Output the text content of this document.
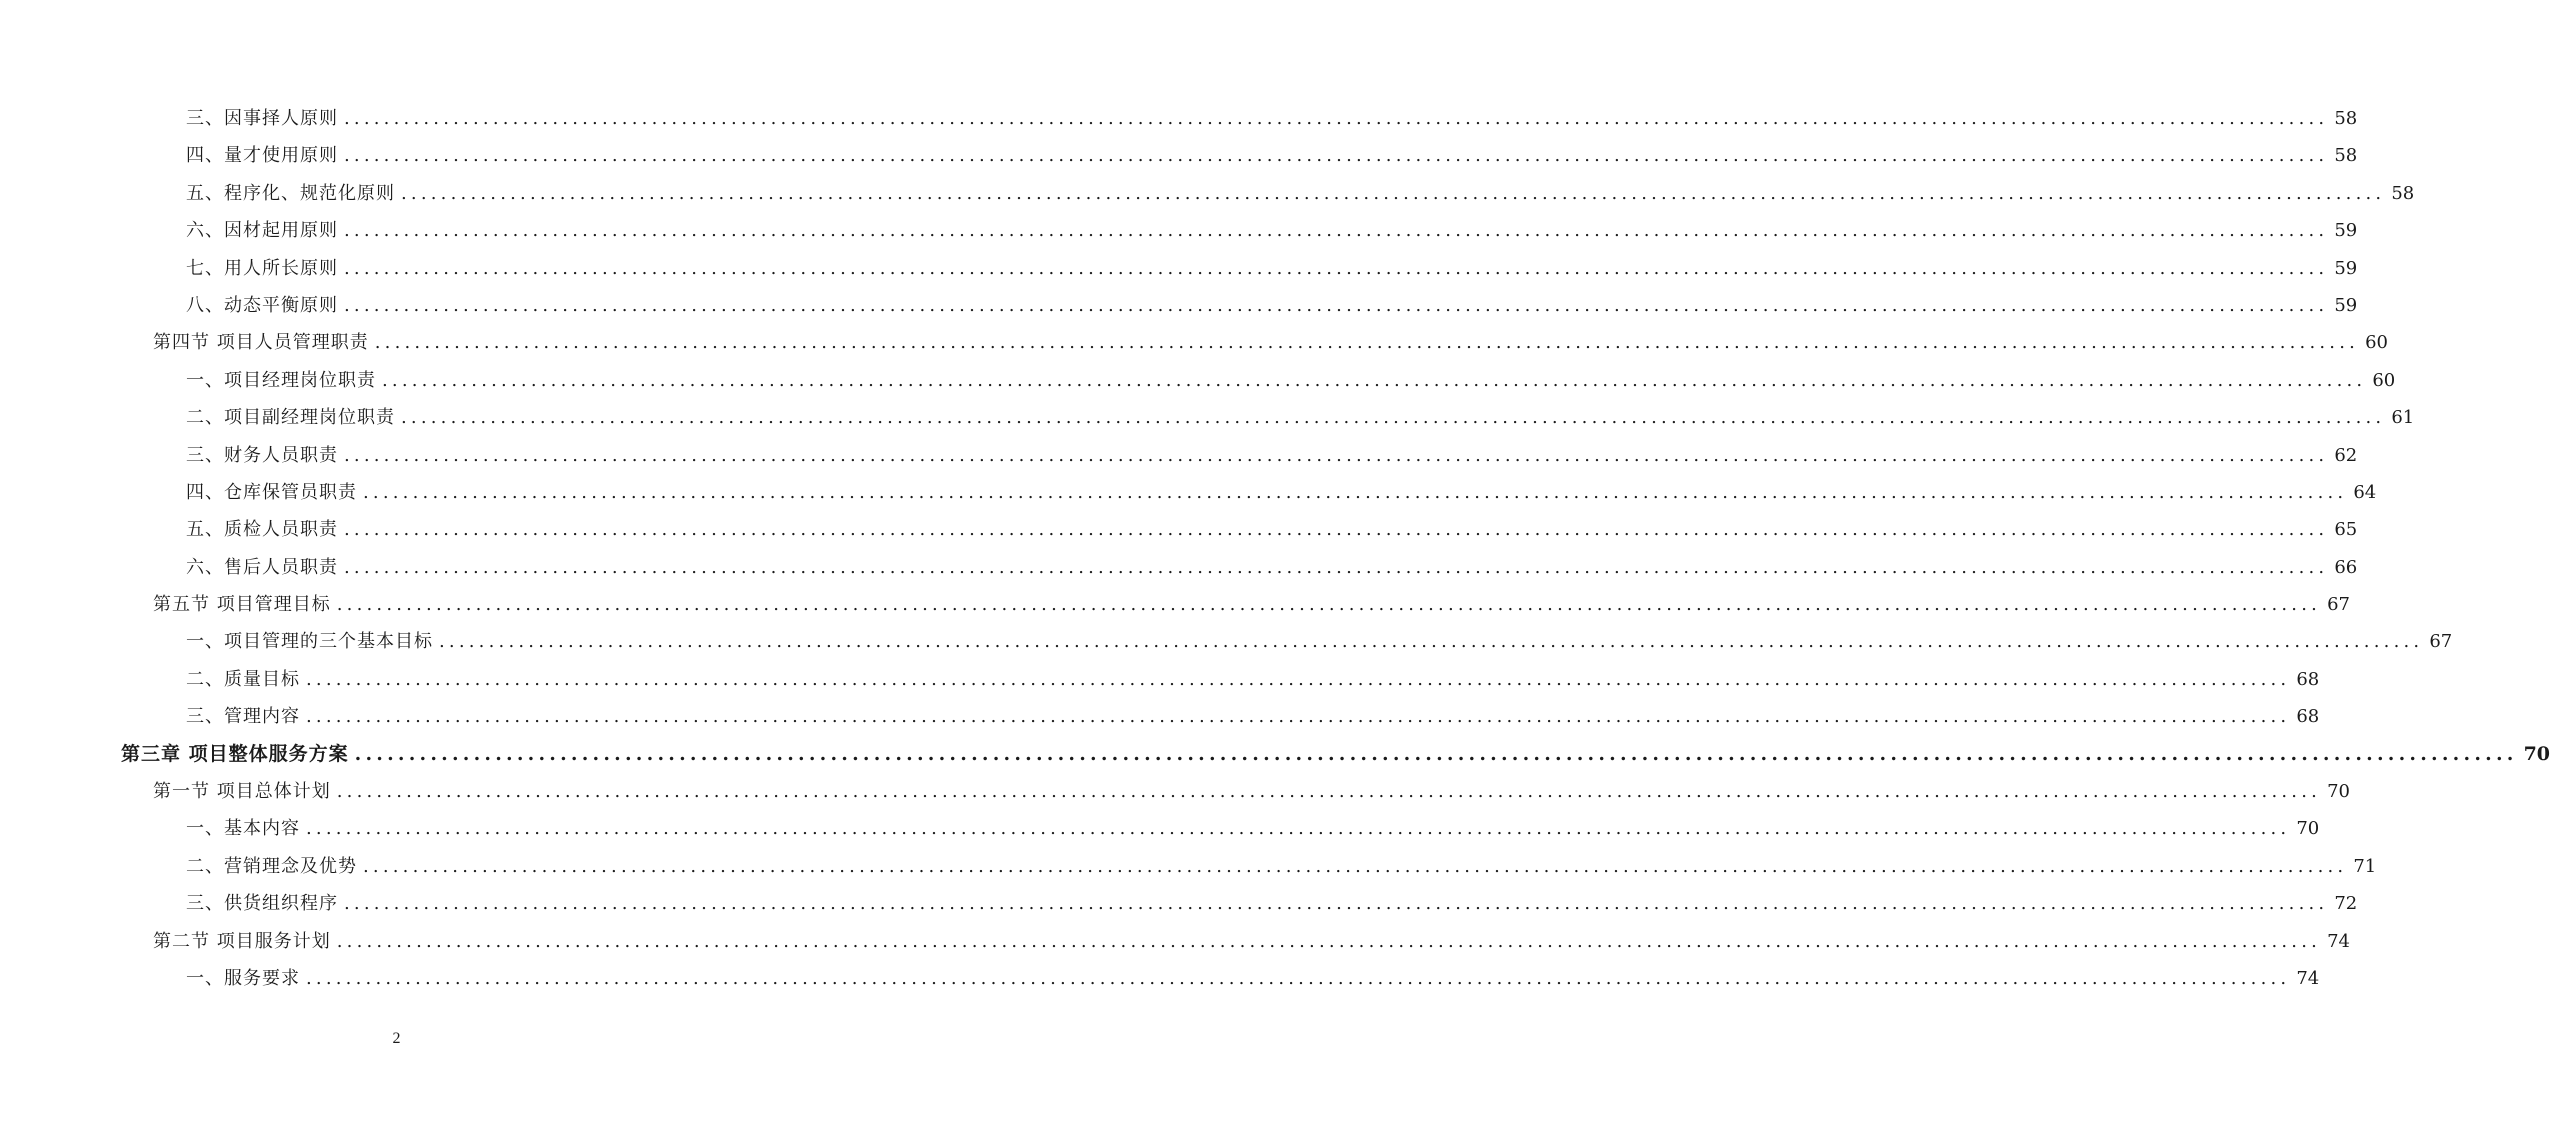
三、因事择人原则 ........................................................................................................................................................................................................ 58
四、量才使用原则 ........................................................................................................................................................................................................ 58
五、程序化、规范化原则 ........................................................................................................................................................................................................ 58
六、因材起用原则 ........................................................................................................................................................................................................ 59
七、用人所长原则 ........................................................................................................................................................................................................ 59
八、动态平衡原则 ........................................................................................................................................................................................................ 59
第四节 项目人员管理职责 ........................................................................................................................................................................................................ 60
一、项目经理岗位职责 ........................................................................................................................................................................................................ 60
二、项目副经理岗位职责 ........................................................................................................................................................................................................ 61
三、财务人员职责 ........................................................................................................................................................................................................ 62
四、仓库保管员职责 ........................................................................................................................................................................................................ 64
五、质检人员职责 ........................................................................................................................................................................................................ 65
六、售后人员职责 ........................................................................................................................................................................................................ 66
第五节 项目管理目标 ........................................................................................................................................................................................................ 67
一、项目管理的三个基本目标 ........................................................................................................................................................................................................ 67
二、质量目标 ........................................................................................................................................................................................................ 68
三、管理内容 ........................................................................................................................................................................................................ 68
第三章 项目整体服务方案 ........................................................................................................................................................................................................ 70
第一节 项目总体计划 ........................................................................................................................................................................................................ 70
一、基本内容 ........................................................................................................................................................................................................ 70
二、营销理念及优势 ........................................................................................................................................................................................................ 71
三、供货组织程序 ........................................................................................................................................................................................................ 72
第二节 项目服务计划 ........................................................................................................................................................................................................ 74
一、服务要求 ........................................................................................................................................................................................................ 74
2
